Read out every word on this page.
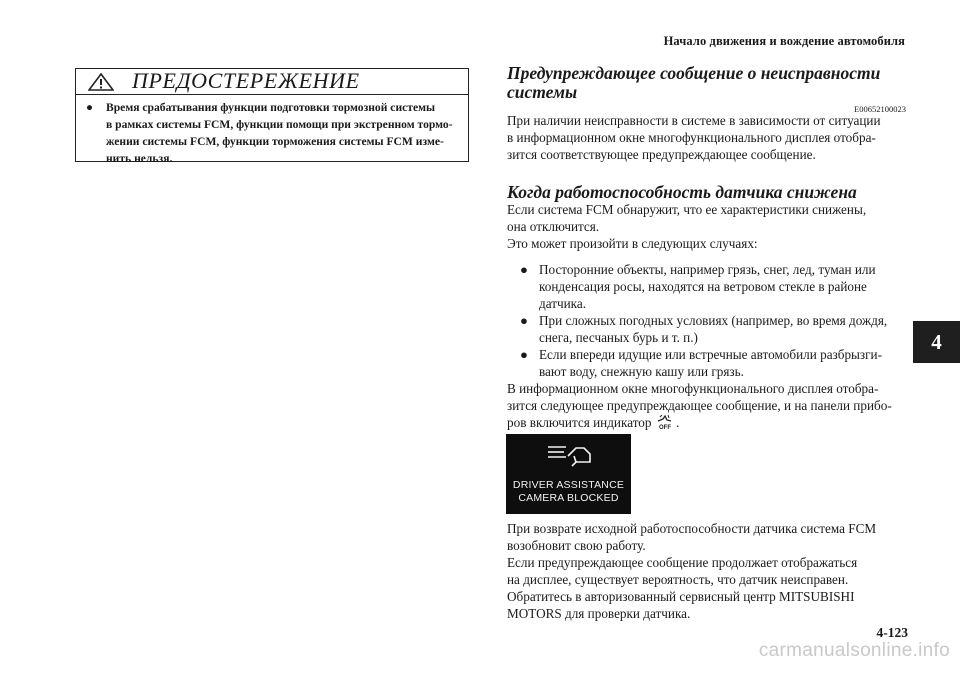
Начало движения и вождение автомобиля
4
ПРЕДОСТЕРЕЖЕНИЕ
● Время срабатывания функции подготовки тормозной системы
в рамках системы FCM, функции помощи при экстренном тормо-
жении системы FCM, функции торможения системы FCM изме-
нить нельзя.
Предупреждающее сообщение о неисправности
системы
E00652100023
При наличии неисправности в системе в зависимости от ситуации
в информационном окне многофункционального дисплея отобра-
зится соответствующее предупреждающее сообщение.
Когда работоспособность датчика снижена
Если система FCM обнаружит, что ее характеристики снижены,
она отключится.
Это может произойти в следующих случаях:
● Посторонние объекты, например грязь, снег, лед, туман или
конденсация росы, находятся на ветровом стекле в районе
датчика.
● При сложных погодных условиях (например, во время дождя,
снега, песчаных бурь и т. п.)
● Если впереди идущие или встречные автомобили разбрызги-
вают воду, снежную кашу или грязь.
В информационном окне многофункционального дисплея отобра-
зится следующее предупреждающее сообщение, и на панели прибо-
ров включится индикатор OFF .
DRIVER ASSISTANCE
CAMERA BLOCKED
При возврате исходной работоспособности датчика система FCM
возобновит свою работу.
Если предупреждающее сообщение продолжает отображаться
на дисплее, существует вероятность, что датчик неисправен.
Обратитесь в авторизованный сервисный центр MITSUBISHI
MOTORS для проверки датчика.
4-123
carmanualsonline.info
